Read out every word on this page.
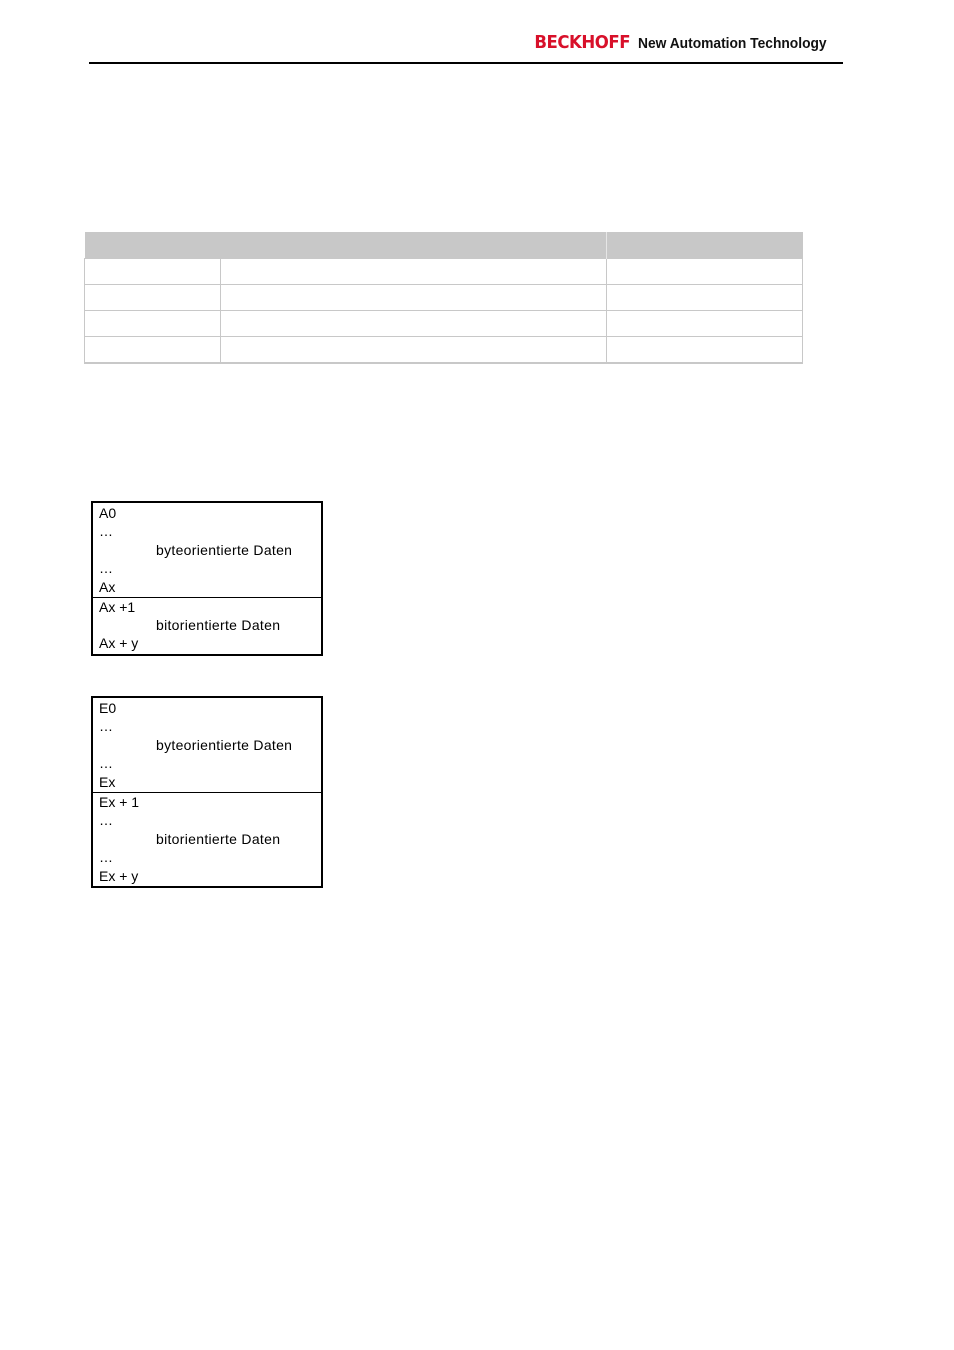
BECKHOFF New Automation Technology

A0
…
byteorientierte Daten
…
Ax
Ax +1
bitorientierte Daten
Ax + y
E0
…
byteorientierte Daten
…
Ex
Ex + 1
…
bitorientierte Daten
…
Ex + y
